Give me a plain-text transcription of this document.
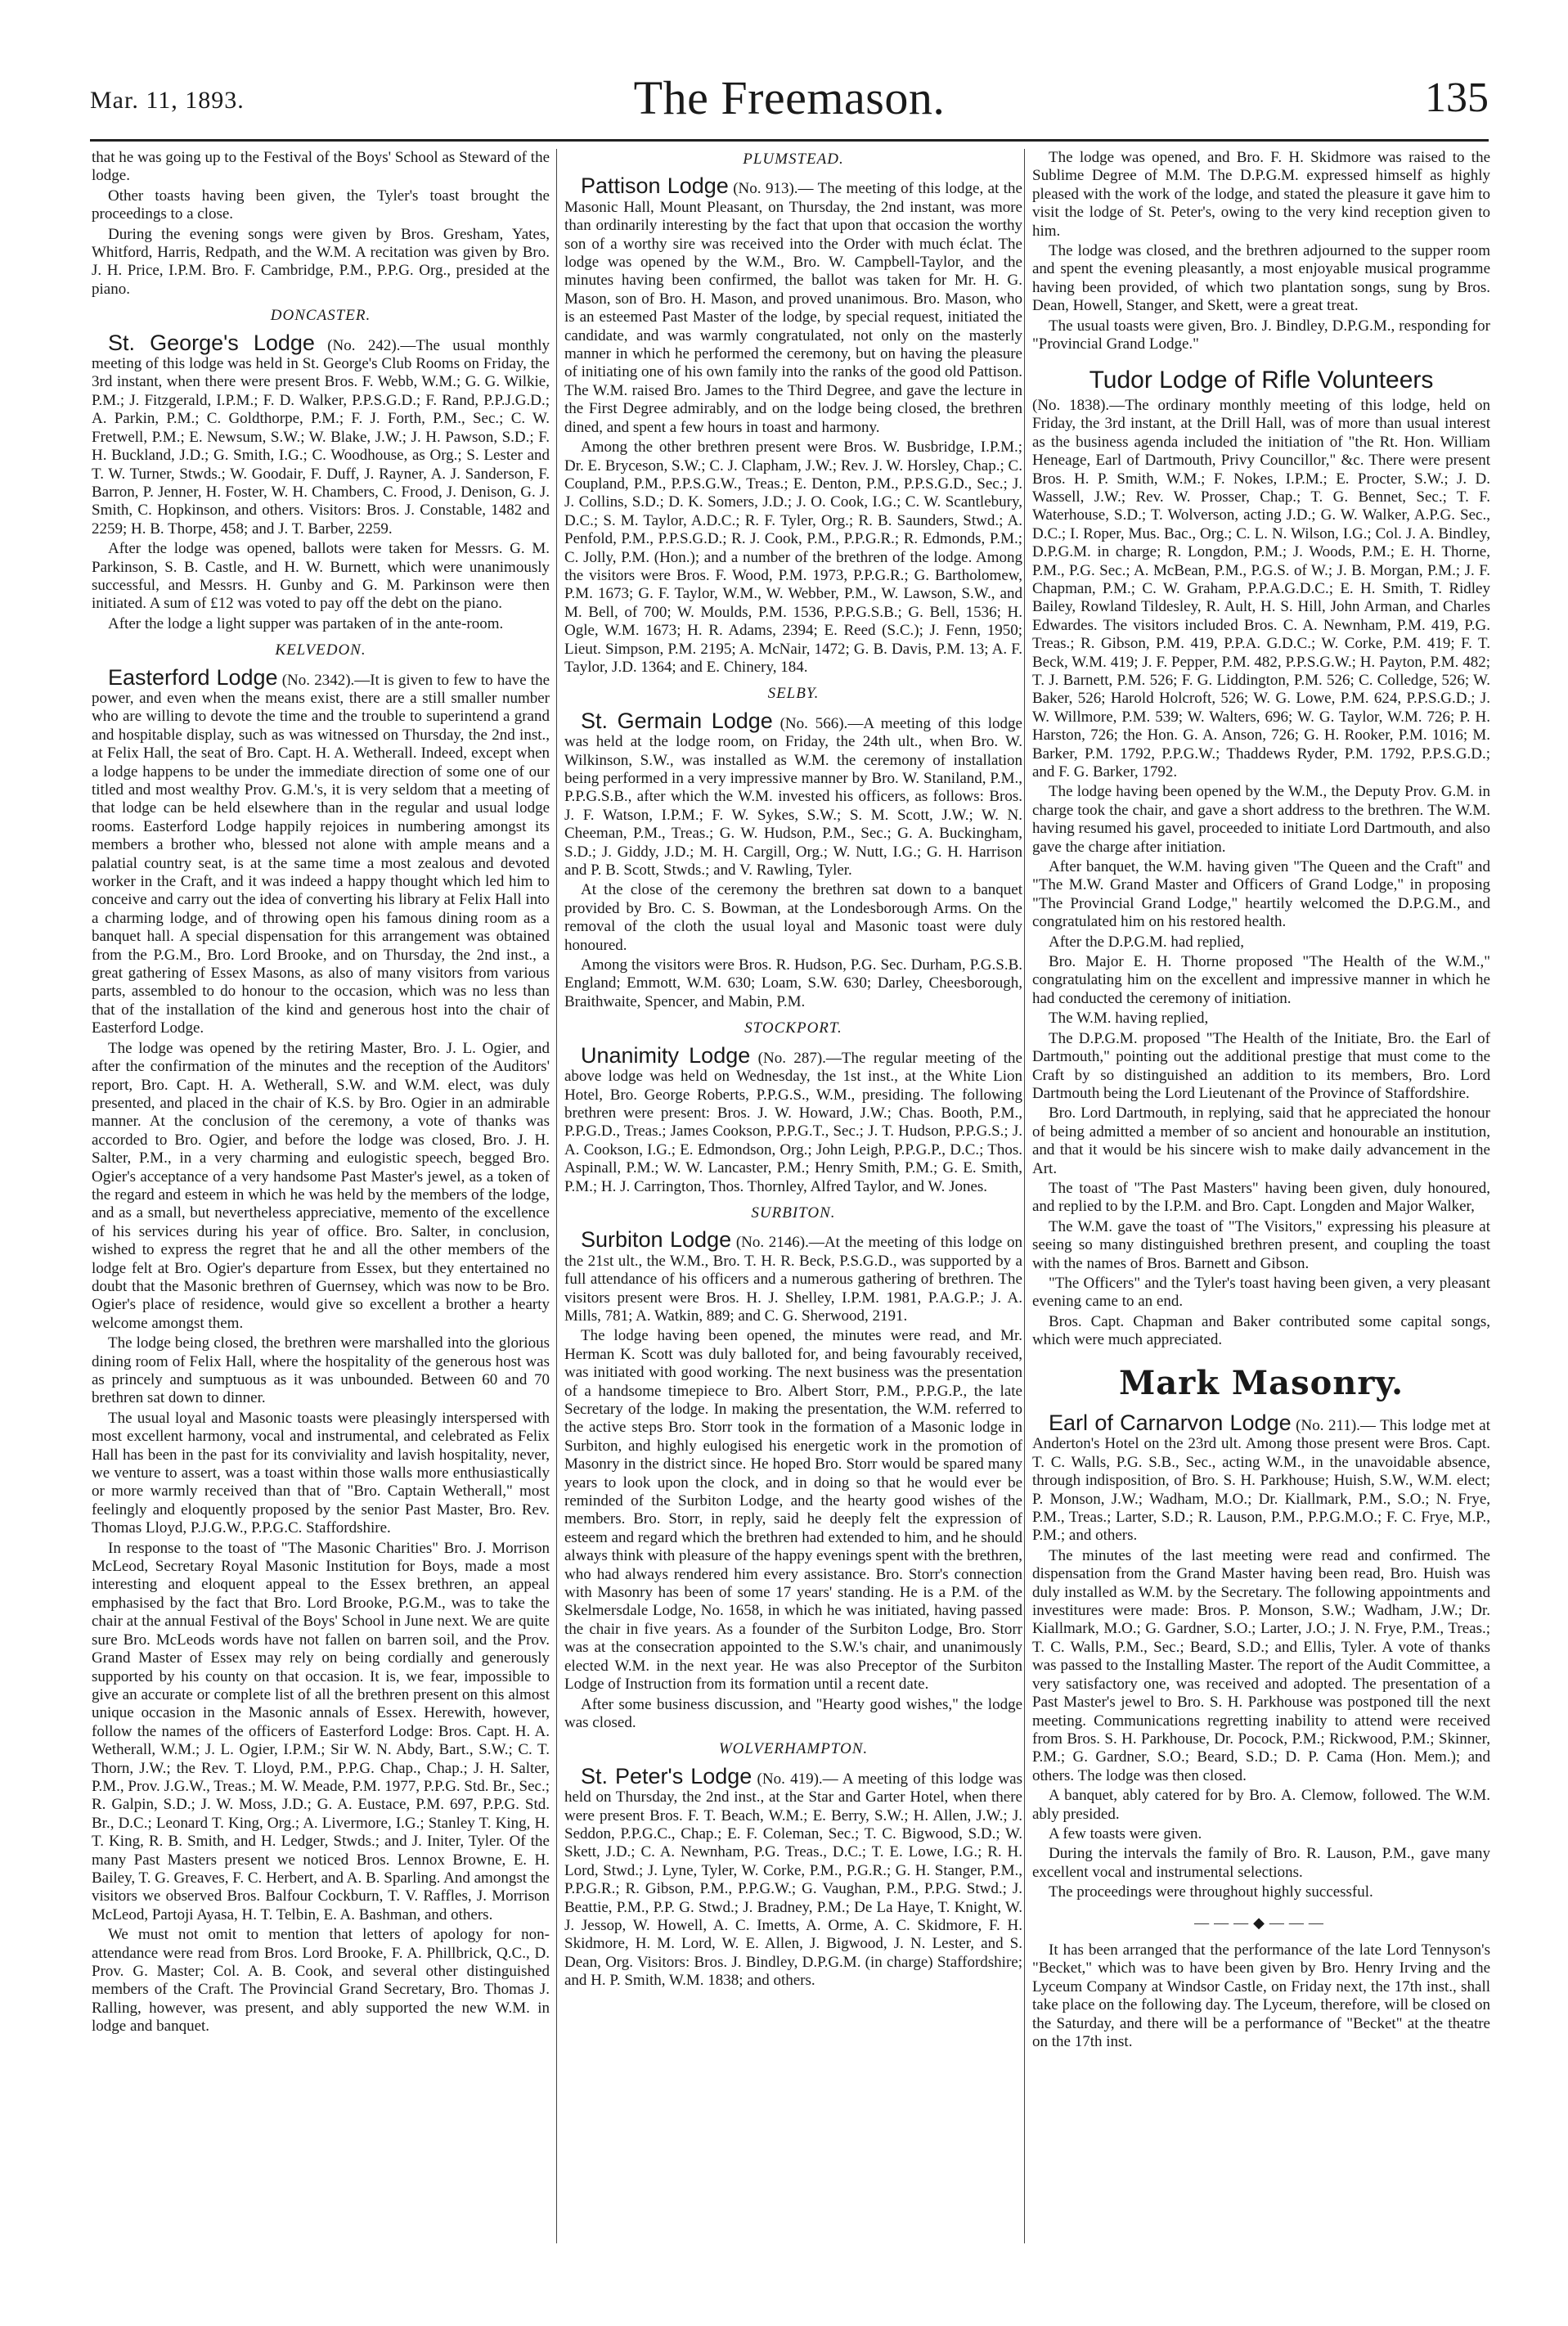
Mar. 11, 1893.	The Freemason.	135

that he was going up to the Festival of the Boys' School as Steward of the lodge.

Other toasts having been given, the Tyler's toast brought the proceedings to a close.

During the evening songs were given by Bros. Gresham, Yates, Whitford, Harris, Redpath, and the W.M. A recitation was given by Bro. J. H. Price, I.P.M. Bro. F. Cambridge, P.M., P.P.G. Org., presided at the piano.

DONCASTER.

St. George's Lodge (No. 242).—The usual monthly meeting of this lodge was held in St. George's Club Rooms on Friday, the 3rd instant, when there were present Bros. F. Webb, W.M.; G. G. Wilkie, P.M.; J. Fitzgerald, I.P.M.; F. D. Walker, P.P.S.G.D.; F. Rand, P.P.J.G.D.; A. Parkin, P.M.; C. Goldthorpe, P.M.; F. J. Forth, P.M., Sec.; C. W. Fretwell, P.M.; E. Newsum, S.W.; W. Blake, J.W.; J. H. Pawson, S.D.; F. H. Buckland, J.D.; G. Smith, I.G.; C. Woodhouse, as Org.; S. Lester and T. W. Turner, Stwds.; W. Goodair, F. Duff, J. Rayner, A. J. Sanderson, F. Barron, P. Jenner, H. Foster, W. H. Chambers, C. Frood, J. Denison, G. J. Smith, C. Hopkinson, and others. Visitors: Bros. J. Constable, 1482 and 2259; H. B. Thorpe, 458; and J. T. Barber, 2259.

After the lodge was opened, ballots were taken for Messrs. G. M. Parkinson, S. B. Castle, and H. W. Burnett, which were unanimously successful, and Messrs. H. Gunby and G. M. Parkinson were then initiated. A sum of £12 was voted to pay off the debt on the piano.

After the lodge a light supper was partaken of in the ante-room.

KELVEDON.

Easterford Lodge (No. 2342).—It is given to few to have the power, and even when the means exist, there are a still smaller number who are willing to devote the time and the trouble to superintend a grand and hospitable display, such as was witnessed on Thursday, the 2nd inst., at Felix Hall, the seat of Bro. Capt. H. A. Wetherall. Indeed, except when a lodge happens to be under the immediate direction of some one of our titled and most wealthy Prov. G.M.'s, it is very seldom that a meeting of that lodge can be held elsewhere than in the regular and usual lodge rooms. Easterford Lodge happily rejoices in numbering amongst its members a brother who, blessed not alone with ample means and a palatial country seat, is at the same time a most zealous and devoted worker in the Craft, and it was indeed a happy thought which led him to conceive and carry out the idea of converting his library at Felix Hall into a charming lodge, and of throwing open his famous dining room as a banquet hall. A special dispensation for this arrangement was obtained from the P.G.M., Bro. Lord Brooke, and on Thursday, the 2nd inst., a great gathering of Essex Masons, as also of many visitors from various parts, assembled to do honour to the occasion, which was no less than that of the installation of the kind and generous host into the chair of Easterford Lodge.

The lodge was opened by the retiring Master, Bro. J. L. Ogier, and after the confirmation of the minutes and the reception of the Auditors' report, Bro. Capt. H. A. Wetherall, S.W. and W.M. elect, was duly presented, and placed in the chair of K.S. by Bro. Ogier in an admirable manner. At the conclusion of the ceremony, a vote of thanks was accorded to Bro. Ogier, and before the lodge was closed, Bro. J. H. Salter, P.M., in a very charming and eulogistic speech, begged Bro. Ogier's acceptance of a very handsome Past Master's jewel, as a token of the regard and esteem in which he was held by the members of the lodge, and as a small, but nevertheless appreciative, memento of the excellence of his services during his year of office. Bro. Salter, in conclusion, wished to express the regret that he and all the other members of the lodge felt at Bro. Ogier's departure from Essex, but they entertained no doubt that the Masonic brethren of Guernsey, which was now to be Bro. Ogier's place of residence, would give so excellent a brother a hearty welcome amongst them.

The lodge being closed, the brethren were marshalled into the glorious dining room of Felix Hall, where the hospitality of the generous host was as princely and sumptuous as it was unbounded. Between 60 and 70 brethren sat down to dinner.

The usual loyal and Masonic toasts were pleasingly interspersed with most excellent harmony, vocal and instrumental, and celebrated as Felix Hall has been in the past for its conviviality and lavish hospitality, never, we venture to assert, was a toast within those walls more enthusiastically or more warmly received than that of "Bro. Captain Wetherall," most feelingly and eloquently proposed by the senior Past Master, Bro. Rev. Thomas Lloyd, P.J.G.W., P.P.G.C. Staffordshire.

In response to the toast of "The Masonic Charities" Bro. J. Morrison McLeod, Secretary Royal Masonic Institution for Boys, made a most interesting and eloquent appeal to the Essex brethren, an appeal emphasised by the fact that Bro. Lord Brooke, P.G.M., was to take the chair at the annual Festival of the Boys' School in June next. We are quite sure Bro. McLeods words have not fallen on barren soil, and the Prov. Grand Master of Essex may rely on being cordially and generously supported by his county on that occasion. It is, we fear, impossible to give an accurate or complete list of all the brethren present on this almost unique occasion in the Masonic annals of Essex. Herewith, however, follow the names of the officers of Easterford Lodge: Bros. Capt. H. A. Wetherall, W.M.; J. L. Ogier, I.P.M.; Sir W. N. Abdy, Bart., S.W.; C. T. Thorn, J.W.; the Rev. T. Lloyd, P.M., P.P.G. Chap., Chap.; J. H. Salter, P.M., Prov. J.G.W., Treas.; M. W. Meade, P.M. 1977, P.P.G. Std. Br., Sec.; R. Galpin, S.D.; J. W. Moss, J.D.; G. A. Eustace, P.M. 697, P.P.G. Std. Br., D.C.; Leonard T. King, Org.; A. Livermore, I.G.; Stanley T. King, H. T. King, R. B. Smith, and H. Ledger, Stwds.; and J. Initer, Tyler. Of the many Past Masters present we noticed Bros. Lennox Browne, E. H. Bailey, T. G. Greaves, F. C. Herbert, and A. B. Sparling. And amongst the visitors we observed Bros. Balfour Cockburn, T. V. Raffles, J. Morrison McLeod, Partoji Ayasa, H. T. Telbin, E. A. Bashman, and others.

We must not omit to mention that letters of apology for non-attendance were read from Bros. Lord Brooke, F. A. Phillbrick, Q.C., D. Prov. G. Master; Col. A. B. Cook, and several other distinguished members of the Craft. The Provincial Grand Secretary, Bro. Thomas J. Ralling, however, was present, and ably supported the new W.M. in lodge and banquet.

PLUMSTEAD.

Pattison Lodge (No. 913).— The meeting of this lodge, at the Masonic Hall, Mount Pleasant, on Thursday, the 2nd instant, was more than ordinarily interesting by the fact that upon that occasion the worthy son of a worthy sire was received into the Order with much éclat. The lodge was opened by the W.M., Bro. W. Campbell-Taylor, and the minutes having been confirmed, the ballot was taken for Mr. H. G. Mason, son of Bro. H. Mason, and proved unanimous. Bro. Mason, who is an esteemed Past Master of the lodge, by special request, initiated the candidate, and was warmly congratulated, not only on the masterly manner in which he performed the ceremony, but on having the pleasure of initiating one of his own family into the ranks of the good old Pattison. The W.M. raised Bro. James to the Third Degree, and gave the lecture in the First Degree admirably, and on the lodge being closed, the brethren dined, and spent a few hours in toast and harmony.

Among the other brethren present were Bros. W. Busbridge, I.P.M.; Dr. E. Bryceson, S.W.; C. J. Clapham, J.W.; Rev. J. W. Horsley, Chap.; C. Coupland, P.M., P.P.S.G.W., Treas.; E. Denton, P.M., P.P.S.G.D., Sec.; J. J. Collins, S.D.; D. K. Somers, J.D.; J. O. Cook, I.G.; C. W. Scantlebury, D.C.; S. M. Taylor, A.D.C.; R. F. Tyler, Org.; R. B. Saunders, Stwd.; A. Penfold, P.M., P.P.S.G.D.; R. J. Cook, P.M., P.P.G.R.; R. Edmonds, P.M.; C. Jolly, P.M. (Hon.); and a number of the brethren of the lodge. Among the visitors were Bros. F. Wood, P.M. 1973, P.P.G.R.; G. Bartholomew, P.M. 1673; G. F. Taylor, W.M., W. Webber, P.M., W. Lawson, S.W., and M. Bell, of 700; W. Moulds, P.M. 1536, P.P.G.S.B.; G. Bell, 1536; H. Ogle, W.M. 1673; H. R. Adams, 2394; E. Reed (S.C.); J. Fenn, 1950; Lieut. Simpson, P.M. 2195; A. McNair, 1472; G. B. Davis, P.M. 13; A. F. Taylor, J.D. 1364; and E. Chinery, 184.

SELBY.

St. Germain Lodge (No. 566).—A meeting of this lodge was held at the lodge room, on Friday, the 24th ult., when Bro. W. Wilkinson, S.W., was installed as W.M. the ceremony of installation being performed in a very impressive manner by Bro. W. Staniland, P.M., P.P.G.S.B., after which the W.M. invested his officers, as follows: Bros. J. F. Watson, I.P.M.; F. W. Sykes, S.W.; S. M. Scott, J.W.; W. N. Cheeman, P.M., Treas.; G. W. Hudson, P.M., Sec.; G. A. Buckingham, S.D.; J. Giddy, J.D.; M. H. Cargill, Org.; W. Nutt, I.G.; G. H. Harrison and P. B. Scott, Stwds.; and V. Rawling, Tyler.

At the close of the ceremony the brethren sat down to a banquet provided by Bro. C. S. Bowman, at the Londesborough Arms. On the removal of the cloth the usual loyal and Masonic toast were duly honoured.

Among the visitors were Bros. R. Hudson, P.G. Sec. Durham, P.G.S.B. England; Emmott, W.M. 630; Loam, S.W. 630; Darley, Cheesborough, Braithwaite, Spencer, and Mabin, P.M.

STOCKPORT.

Unanimity Lodge (No. 287).—The regular meeting of the above lodge was held on Wednesday, the 1st inst., at the White Lion Hotel, Bro. George Roberts, P.P.G.S., W.M., presiding. The following brethren were present: Bros. J. W. Howard, J.W.; Chas. Booth, P.M., P.P.G.D., Treas.; James Cookson, P.P.G.T., Sec.; J. T. Hudson, P.P.G.S.; J. A. Cookson, I.G.; E. Edmondson, Org.; John Leigh, P.P.G.P., D.C.; Thos. Aspinall, P.M.; W. W. Lancaster, P.M.; Henry Smith, P.M.; G. E. Smith, P.M.; H. J. Carrington, Thos. Thornley, Alfred Taylor, and W. Jones.

SURBITON.

Surbiton Lodge (No. 2146).—At the meeting of this lodge on the 21st ult., the W.M., Bro. T. H. R. Beck, P.S.G.D., was supported by a full attendance of his officers and a numerous gathering of brethren. The visitors present were Bros. H. J. Shelley, I.P.M. 1981, P.A.G.P.; J. A. Mills, 781; A. Watkin, 889; and C. G. Sherwood, 2191.

The lodge having been opened, the minutes were read, and Mr. Herman K. Scott was duly balloted for, and being favourably received, was initiated with good working. The next business was the presentation of a handsome timepiece to Bro. Albert Storr, P.M., P.P.G.P., the late Secretary of the lodge. In making the presentation, the W.M. referred to the active steps Bro. Storr took in the formation of a Masonic lodge in Surbiton, and highly eulogised his energetic work in the promotion of Masonry in the district since. He hoped Bro. Storr would be spared many years to look upon the clock, and in doing so that he would ever be reminded of the Surbiton Lodge, and the hearty good wishes of the members. Bro. Storr, in reply, said he deeply felt the expression of esteem and regard which the brethren had extended to him, and he should always think with pleasure of the happy evenings spent with the brethren, who had always rendered him every assistance. Bro. Storr's connection with Masonry has been of some 17 years' standing. He is a P.M. of the Skelmersdale Lodge, No. 1658, in which he was initiated, having passed the chair in five years. As a founder of the Surbiton Lodge, Bro. Storr was at the consecration appointed to the S.W.'s chair, and unanimously elected W.M. in the next year. He was also Preceptor of the Surbiton Lodge of Instruction from its formation until a recent date.

After some business discussion, and "Hearty good wishes," the lodge was closed.

WOLVERHAMPTON.

St. Peter's Lodge (No. 419).— A meeting of this lodge was held on Thursday, the 2nd inst., at the Star and Garter Hotel, when there were present Bros. F. T. Beach, W.M.; E. Berry, S.W.; H. Allen, J.W.; J. Seddon, P.P.G.C., Chap.; E. F. Coleman, Sec.; T. C. Bigwood, S.D.; W. Skett, J.D.; C. A. Newnham, P.G. Treas., D.C.; T. E. Lowe, I.G.; R. H. Lord, Stwd.; J. Lyne, Tyler, W. Corke, P.M., P.G.R.; G. H. Stanger, P.M., P.P.G.R.; R. Gibson, P.M., P.P.G.W.; G. Vaughan, P.M., P.P.G. Stwd.; J. Beattie, P.M., P.P. G. Stwd.; J. Bradney, P.M.; De La Haye, T. Knight, W. J. Jessop, W. Howell, A. C. Imetts, A. Orme, A. C. Skidmore, F. H. Skidmore, H. M. Lord, W. E. Allen, J. Bigwood, J. N. Lester, and S. Dean, Org. Visitors: Bros. J. Bindley, D.P.G.M. (in charge) Staffordshire; and H. P. Smith, W.M. 1838; and others.

The lodge was opened, and Bro. F. H. Skidmore was raised to the Sublime Degree of M.M. The D.P.G.M. expressed himself as highly pleased with the work of the lodge, and stated the pleasure it gave him to visit the lodge of St. Peter's, owing to the very kind reception given to him.

The lodge was closed, and the brethren adjourned to the supper room and spent the evening pleasantly, a most enjoyable musical programme having been provided, of which two plantation songs, sung by Bros. Dean, Howell, Stanger, and Skett, were a great treat.

The usual toasts were given, Bro. J. Bindley, D.P.G.M., responding for "Provincial Grand Lodge."

Tudor Lodge of Rifle Volunteers

(No. 1838).—The ordinary monthly meeting of this lodge, held on Friday, the 3rd instant, at the Drill Hall, was of more than usual interest as the business agenda included the initiation of "the Rt. Hon. William Heneage, Earl of Dartmouth, Privy Councillor," &c. There were present Bros. H. P. Smith, W.M.; F. Nokes, I.P.M.; E. Procter, S.W.; J. D. Wassell, J.W.; Rev. W. Prosser, Chap.; T. G. Bennet, Sec.; T. F. Waterhouse, S.D.; T. Wolverson, acting J.D.; G. W. Walker, A.P.G. Sec., D.C.; I. Roper, Mus. Bac., Org.; C. L. N. Wilson, I.G.; Col. J. A. Bindley, D.P.G.M. in charge; R. Longdon, P.M.; J. Woods, P.M.; E. H. Thorne, P.M., P.G. Sec.; A. McBean, P.M., P.G.S. of W.; J. B. Morgan, P.M.; J. F. Chapman, P.M.; C. W. Graham, P.P.A.G.D.C.; E. H. Smith, T. Ridley Bailey, Rowland Tildesley, R. Ault, H. S. Hill, John Arman, and Charles Edwardes. The visitors included Bros. C. A. Newnham, P.M. 419, P.G. Treas.; R. Gibson, P.M. 419, P.P.A. G.D.C.; W. Corke, P.M. 419; F. T. Beck, W.M. 419; J. F. Pepper, P.M. 482, P.P.S.G.W.; H. Payton, P.M. 482; T. J. Barnett, P.M. 526; F. G. Liddington, P.M. 526; C. Colledge, 526; W. Baker, 526; Harold Holcroft, 526; W. G. Lowe, P.M. 624, P.P.S.G.D.; J. W. Willmore, P.M. 539; W. Walters, 696; W. G. Taylor, W.M. 726; P. H. Harston, 726; the Hon. G. A. Anson, 726; G. H. Rooker, P.M. 1016; M. Barker, P.M. 1792, P.P.G.W.; Thaddews Ryder, P.M. 1792, P.P.S.G.D.; and F. G. Barker, 1792.

The lodge having been opened by the W.M., the Deputy Prov. G.M. in charge took the chair, and gave a short address to the brethren. The W.M. having resumed his gavel, proceeded to initiate Lord Dartmouth, and also gave the charge after initiation.

After banquet, the W.M. having given "The Queen and the Craft" and "The M.W. Grand Master and Officers of Grand Lodge," in proposing "The Provincial Grand Lodge," heartily welcomed the D.P.G.M., and congratulated him on his restored health.

After the D.P.G.M. had replied,

Bro. Major E. H. Thorne proposed "The Health of the W.M.," congratulating him on the excellent and impressive manner in which he had conducted the ceremony of initiation.

The W.M. having replied,

The D.P.G.M. proposed "The Health of the Initiate, Bro. the Earl of Dartmouth," pointing out the additional prestige that must come to the Craft by so distinguished an addition to its members, Bro. Lord Dartmouth being the Lord Lieutenant of the Province of Staffordshire.

Bro. Lord Dartmouth, in replying, said that he appreciated the honour of being admitted a member of so ancient and honourable an institution, and that it would be his sincere wish to make daily advancement in the Art.

The toast of "The Past Masters" having been given, duly honoured, and replied to by the I.P.M. and Bro. Capt. Longden and Major Walker,

The W.M. gave the toast of "The Visitors," expressing his pleasure at seeing so many distinguished brethren present, and coupling the toast with the names of Bros. Barnett and Gibson.

"The Officers" and the Tyler's toast having been given, a very pleasant evening came to an end.

Bros. Capt. Chapman and Baker contributed some capital songs, which were much appreciated.

Mark Masonry.

Earl of Carnarvon Lodge (No. 211).— This lodge met at Anderton's Hotel on the 23rd ult. Among those present were Bros. Capt. T. C. Walls, P.G. S.B., Sec., acting W.M., in the unavoidable absence, through indisposition, of Bro. S. H. Parkhouse; Huish, S.W., W.M. elect; P. Monson, J.W.; Wadham, M.O.; Dr. Kiallmark, P.M., S.O.; N. Frye, P.M., Treas.; Larter, S.D.; R. Lauson, P.M., P.P.G.M.O.; F. C. Frye, M.P., P.M.; and others.

The minutes of the last meeting were read and confirmed. The dispensation from the Grand Master having been read, Bro. Huish was duly installed as W.M. by the Secretary. The following appointments and investitures were made: Bros. P. Monson, S.W.; Wadham, J.W.; Dr. Kiallmark, M.O.; G. Gardner, S.O.; Larter, J.O.; J. N. Frye, P.M., Treas.; T. C. Walls, P.M., Sec.; Beard, S.D.; and Ellis, Tyler. A vote of thanks was passed to the Installing Master. The report of the Audit Committee, a very satisfactory one, was received and adopted. The presentation of a Past Master's jewel to Bro. S. H. Parkhouse was postponed till the next meeting. Communications regretting inability to attend were received from Bros. S. H. Parkhouse, Dr. Pocock, P.M.; Rickwood, P.M.; Skinner, P.M.; G. Gardner, S.O.; Beard, S.D.; D. P. Cama (Hon. Mem.); and others. The lodge was then closed.

A banquet, ably catered for by Bro. A. Clemow, followed. The W.M. ably presided.

A few toasts were given.

During the intervals the family of Bro. R. Lauson, P.M., gave many excellent vocal and instrumental selections.

The proceedings were throughout highly successful.

———◆———

It has been arranged that the performance of the late Lord Tennyson's "Becket," which was to have been given by Bro. Henry Irving and the Lyceum Company at Windsor Castle, on Friday next, the 17th inst., shall take place on the following day. The Lyceum, therefore, will be closed on the Saturday, and there will be a performance of "Becket" at the theatre on the 17th inst.
